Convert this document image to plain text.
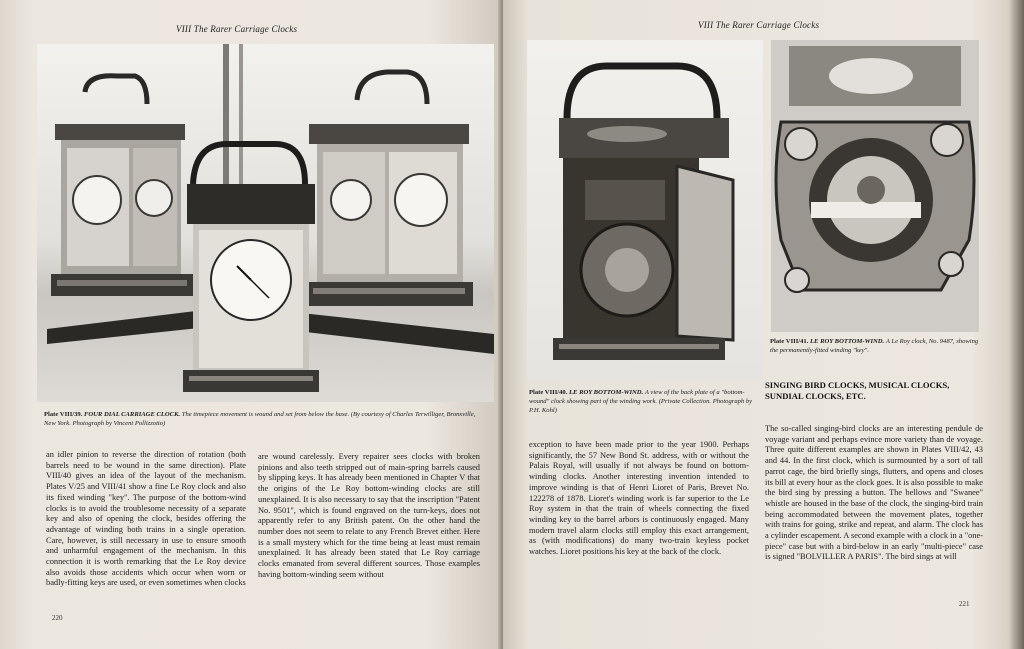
VIII The Rarer Carriage Clocks
Plate VIII/39. FOUR DIAL CARRIAGE CLOCK. The timepiece movement is wound and set from below the base. (By courtesy of Charles Terwilliger, Bronxville, New York. Photograph by Vincent Pollizzotto)

an idler pinion to reverse the direction of rotation (both barrels need to be wound in the same direction). Plate VIII/40 gives an idea of the layout of the mechanism. Plates V/25 and VIII/41 show a fine Le Roy clock and also its fixed winding "key". The purpose of the bottom-wind clocks is to avoid the troublesome necessity of a separate key and also of opening the clock, besides offering the advantage of winding both trains in a single operation. Care, however, is still necessary in use to ensure smooth and unharmful engagement of the mechanism. In this connection it is worth remarking that the Le Roy device also avoids those accidents which occur when worn or badly-fitting keys are used, or even sometimes when clocks

are wound carelessly. Every repairer sees clocks with broken pinions and also teeth stripped out of main-spring barrels caused by slipping keys. It has already been mentioned in Chapter V that the origins of the Le Roy bottom-winding clocks are still unexplained. It is also necessary to say that the inscription "Patent No. 9501", which is found engraved on the turn-keys, does not apparently refer to any British patent. On the other hand the number does not seem to relate to any French Brevet either. Here is a small mystery which for the time being at least must remain unexplained. It has already been stated that Le Roy carriage clocks emanated from several different sources. Those examples having bottom-winding seem without

220
VIII The Rarer Carriage Clocks
Plate VIII/41. LE ROY BOTTOM-WIND. A Le Roy clock, No. 9487, showing the permanently-fitted winding "key".
Plate VIII/40. LE ROY BOTTOM-WIND. A view of the back plate of a "bottom-wound" clock showing part of the winding work. (Private Collection. Photograph by P.H. Kohl)
SINGING BIRD CLOCKS, MUSICAL CLOCKS, SUNDIAL CLOCKS, ETC.

exception to have been made prior to the year 1900. Perhaps significantly, the 57 New Bond St. address, with or without the Palais Royal, will usually if not always be found on bottom-winding clocks. Another interesting invention intended to improve winding is that of Henri Lioret of Paris, Brevet No. 122278 of 1878. Lioret's winding work is far superior to the Le Roy system in that the train of wheels connecting the fixed winding key to the barrel arbors is continuously engaged. Many modern travel alarm clocks still employ this exact arrangement, as (with modifications) do many two-train keyless pocket watches. Lioret positions his key at the back of the clock.

The so-called singing-bird clocks are an interesting pendule de voyage variant and perhaps evince more variety than de voyage. Three quite different examples are shown in Plates VIII/42, 43 and 44. In the first clock, which is surmounted by a sort of tall parrot cage, the bird briefly sings, flutters, and opens and closes its bill at every hour as the clock goes. It is also possible to make the bird sing by pressing a button. The bellows and "Swanee" whistle are housed in the base of the clock, the singing-bird train being accommodated between the movement plates, together with trains for going, strike and repeat, and alarm. The clock has a cylinder escapement. A second example with a clock in a "one-piece" case but with a bird-below in an early "multi-piece" case is signed "BOLVILLER A PARIS". The bird sings at will

221
